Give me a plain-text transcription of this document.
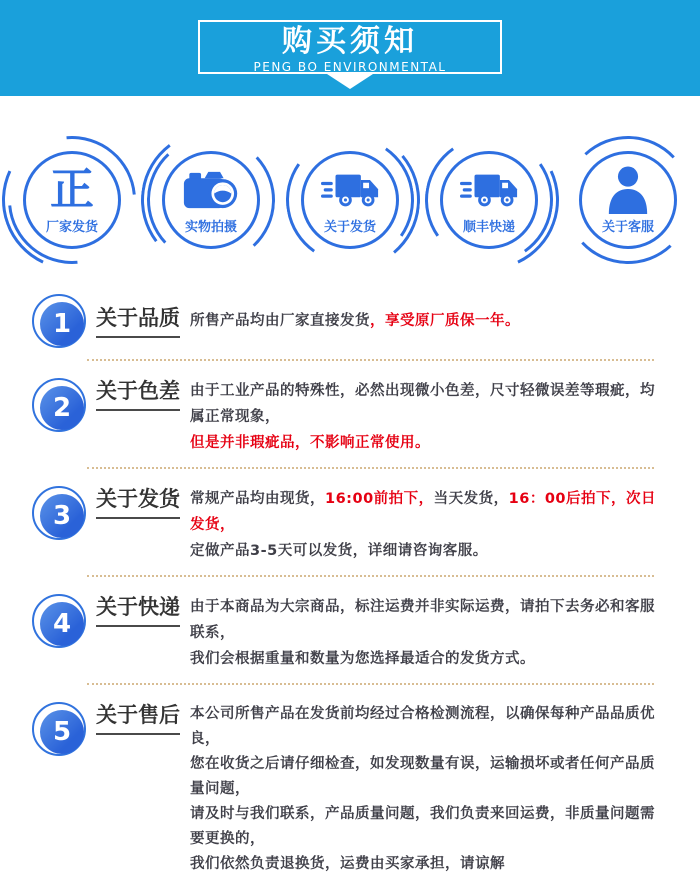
购买须知
PENG BO ENVIRONMENTAL
正
厂家发货	实物拍摄	关于发货	顺丰快递	关于客服
1	关于品质 所售产品均由厂家直接发货，享受原厂质保一年。
2
关于色差 由于工业产品的特殊性，必然出现微小色差，尺寸轻微误差等瑕疵，均属正常现象，
但是并非瑕疵品，不影响正常使用。
3
关于发货 常规产品均由现货，16:00前拍下，当天发货，16：00后拍下，次日发货，
定做产品3-5天可以发货，详细请咨询客服。
4
关于快递 由于本商品为大宗商品，标注运费并非实际运费，请拍下去务必和客服联系，
我们会根据重量和数量为您选择最适合的发货方式。
5
关于售后 本公司所售产品在发货前均经过合格检测流程，以确保每种产品品质优良，
您在收货之后请仔细检查，如发现数量有误，运输损坏或者任何产品质量问题，
请及时与我们联系，产品质量问题，我们负责来回运费，非质量问题需要更换的，
我们依然负责退换货，运费由买家承担，请谅解
